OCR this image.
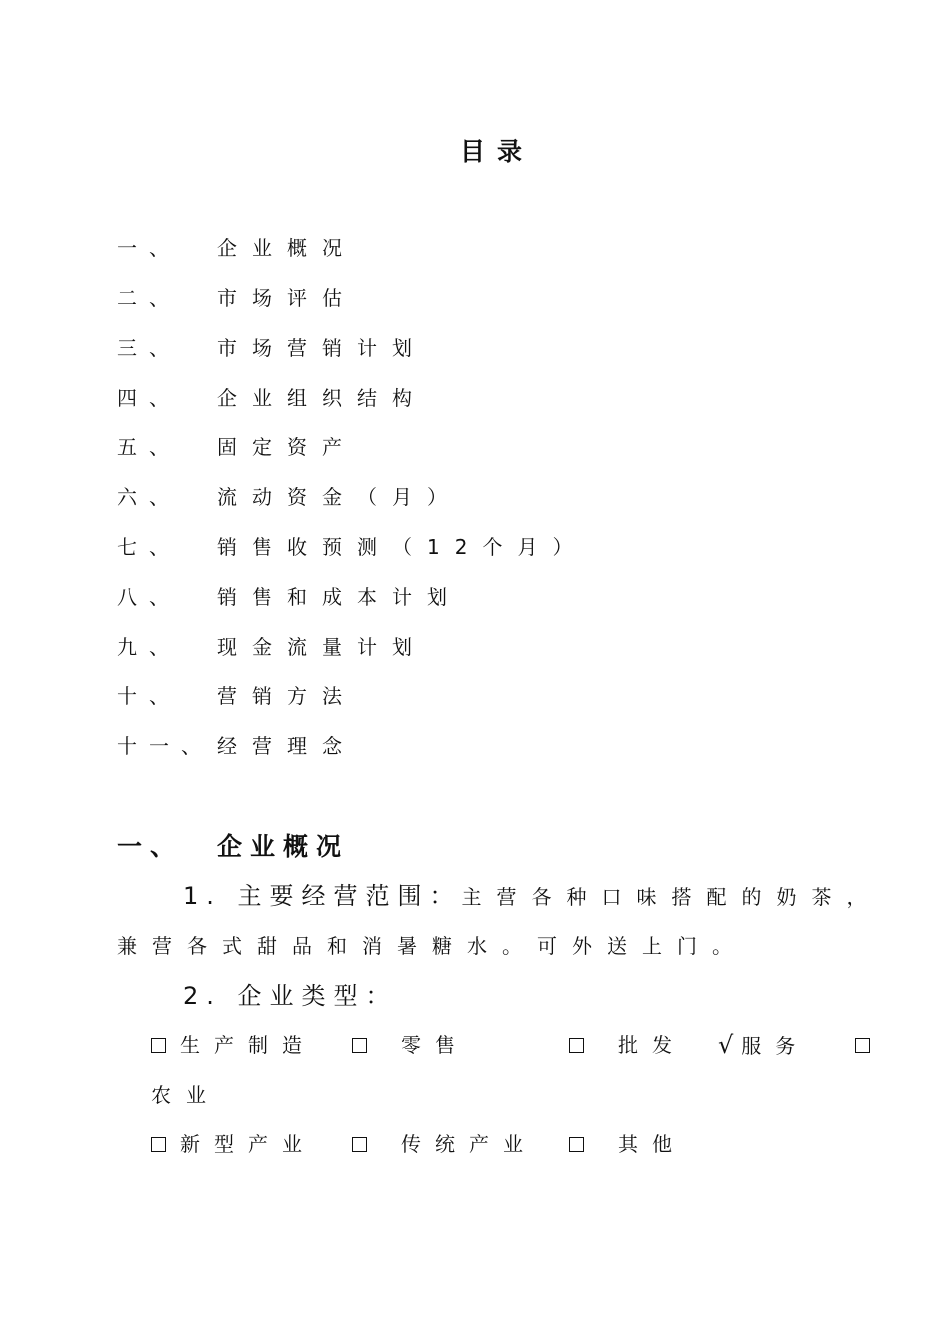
目录
一、 企业概况
二、 市场评估
三、 市场营销计划
四、 企业组织结构
五、 固定资产
六、 流动资金（月）
七、 销售收预测（12个月）
八、 销售和成本计划
九、 现金流量计划
十、 营销方法
十一、 经营理念
一、 企业概况
1. 主要经营范围：主营各种口味搭配的奶茶，
兼营各式甜品和消暑糖水。可外送上门。
2. 企业类型：
生产制造	零售	批发 √ 服务
农业
新型产业	传统产业	其他
